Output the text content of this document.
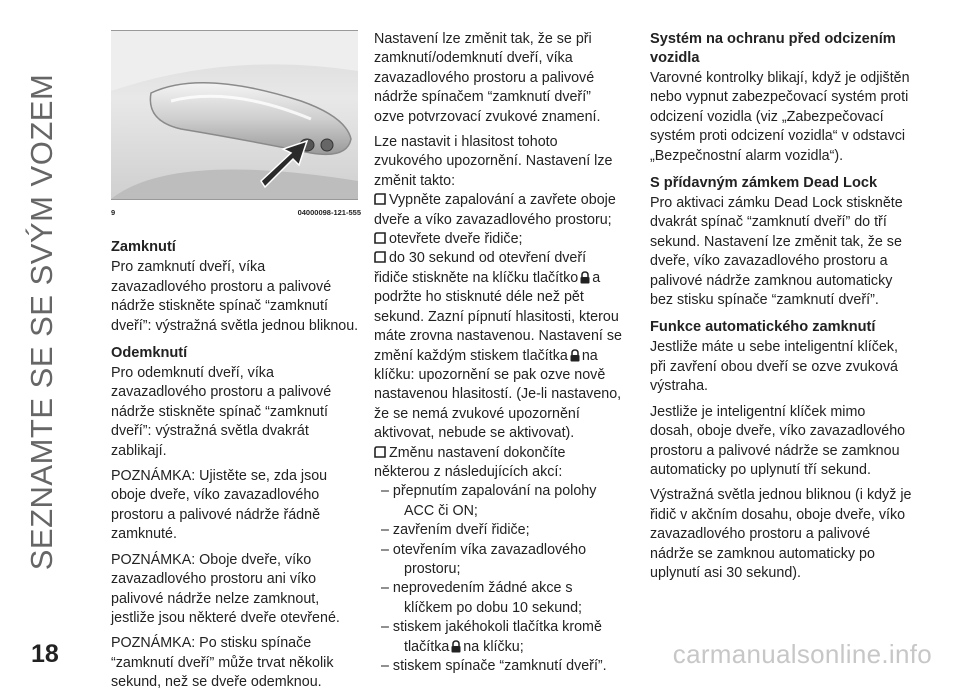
SEZNAMTE SE SE SVÝM VOZEM
18	carmanualsonline.info
9	04000098-121-555
Zamknutí

Pro zamknutí dveří, víka zavazadlového prostoru a palivové nádrže stiskněte spínač “zamknutí dveří”: výstražná světla jednou bliknou.

Odemknutí

Pro odemknutí dveří, víka zavazadlového prostoru a palivové nádrže stiskněte spínač “zamknutí dveří”: výstražná světla dvakrát zablikají.

POZNÁMKA: Ujistěte se, zda jsou oboje dveře, víko zavazadlového prostoru a palivové nádrže řádně zamknuté.

POZNÁMKA: Oboje dveře, víko zavazadlového prostoru ani víko palivové nádrže nelze zamknout, jestliže jsou některé dveře otevřené.

POZNÁMKA: Po stisku spínače “zamknutí dveří” může trvat několik sekund, než se dveře odemknou.

Nastavení lze změnit tak, že se při zamknutí/odemknutí dveří, víka zavazadlového prostoru a palivové nádrže spínačem “zamknutí dveří” ozve potvrzovací zvukové znamení.

Lze nastavit i hlasitost tohoto zvukového upozornění. Nastavení lze změnit takto:

Vypněte zapalování a zavřete oboje dveře a víko zavazadlového prostoru;
otevřete dveře řidiče;
do 30 sekund od otevření dveří řidiče stiskněte na klíčku tlačítko a podržte ho stisknuté déle než pět sekund. Zazní pípnutí hlasitosti, kterou máte zrovna nastavenou. Nastavení se změní každým stiskem tlačítka na klíčku: upozornění se pak ozve nově nastavenou hlasitostí. (Je-li nastaveno, že se nemá zvukové upozornění aktivovat, nebude se aktivovat).
Změnu nastavení dokončíte některou z následujících akcí:
– přepnutím zapalování na polohy ACC či ON;
– zavřením dveří řidiče;
– otevřením víka zavazadlového prostoru;
– neprovedením žádné akce s klíčkem po dobu 10 sekund;
– stiskem jakéhokoli tlačítka kromě tlačítka na klíčku;
– stiskem spínače “zamknutí dveří”.
Systém na ochranu před odcizením vozidla

Varovné kontrolky blikají, když je odjištěn nebo vypnut zabezpečovací systém proti odcizení vozidla (viz „Zabezpečovací systém proti odcizení vozidla“ v odstavci „Bezpečnostní alarm vozidla“).

S přídavným zámkem Dead Lock

Pro aktivaci zámku Dead Lock stiskněte dvakrát spínač “zamknutí dveří” do tří sekund. Nastavení lze změnit tak, že se dveře, víko zavazadlového prostoru a palivové nádrže zamknou automaticky bez stisku spínače “zamknutí dveří”.

Funkce automatického zamknutí

Jestliže máte u sebe inteligentní klíček, při zavření obou dveří se ozve zvuková výstraha.

Jestliže je inteligentní klíček mimo dosah, oboje dveře, víko zavazadlového prostoru a palivové nádrže se zamknou automaticky po uplynutí tří sekund.

Výstražná světla jednou bliknou (i když je řidič v akčním dosahu, oboje dveře, víko zavazadlového prostoru a palivové nádrže se zamknou automaticky po uplynutí asi 30 sekund).
